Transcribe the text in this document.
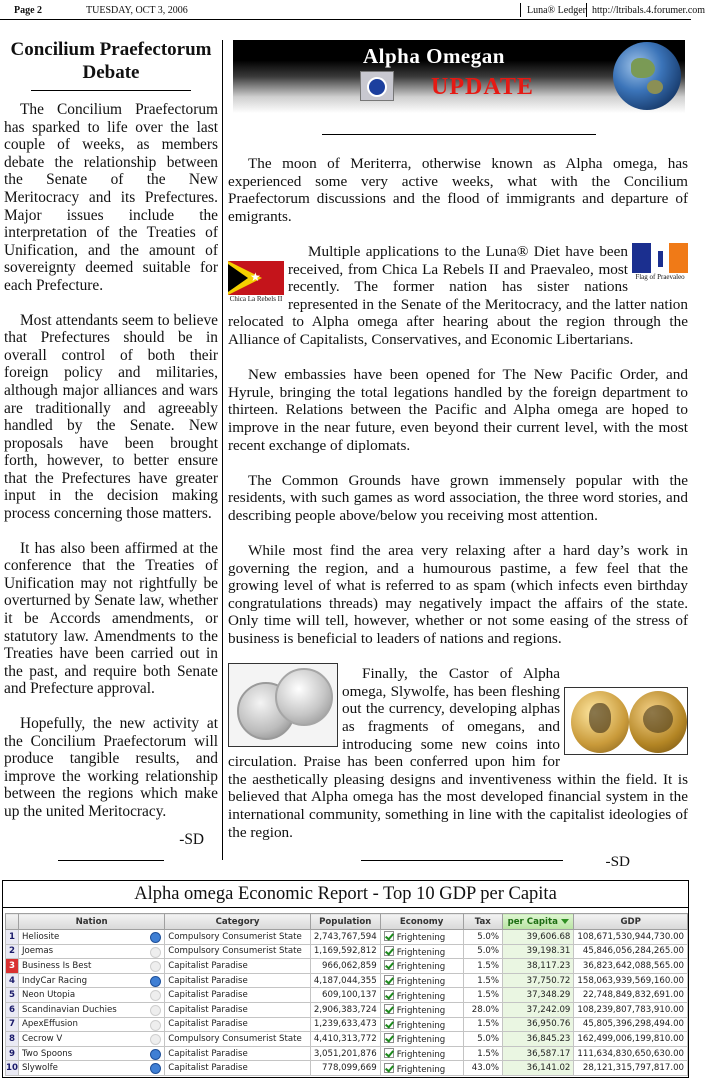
Page 2	TUESDAY, OCT 3, 2006	Luna® Ledger http://ltribals.4.forumer.com
Concilium Praefectorum Debate

The Concilium Praefectorum has sparked to life over the last couple of weeks, as members debate the relationship between the Senate of the New Meritocracy and its Prefectures. Major issues include the interpretation of the Treaties of Unification, and the amount of sovereignty deemed suitable for each Prefecture.

Most attendants seem to believe that Prefectures should be in overall control of both their foreign policy and militaries, although major alliances and wars are traditionally and agreeably handled by the Senate. New proposals have been brought forth, however, to better ensure that the Prefectures have greater input in the decision making process concerning those matters.

It has also been affirmed at the conference that the Treaties of Unification may not rightfully be overturned by Senate law, whether it be Accords amendments, or statutory law. Amendments to the Treaties have been carried out in the past, and require both Senate and Prefecture approval.

Hopefully, the new activity at the Concilium Praefectorum will produce tangible results, and improve the working relationship between the regions which make up the united Meritocracy.

-SD
Alpha Omegan
UPDATE

The moon of Meriterra, otherwise known as Alpha omega, has experienced some very active weeks, what with the Concilium Praefectorum discussions and the flood of immigrants and departure of emigrants.

Flag of Praevaleo
★
Chica La Rebels II
Multiple applications to the Luna® Diet have been received, from Chica La Rebels II and Praevaleo, most recently. The former nation has sister nations represented in the Senate of the Meritocracy, and the latter nation relocated to Alpha omega after hearing about the region through the Alliance of Capitalists, Conservatives, and Economic Libertarians.

New embassies have been opened for The New Pacific Order, and Hyrule, bringing the total legations handled by the foreign department to thirteen. Relations between the Pacific and Alpha omega are hoped to improve in the near future, even beyond their current level, with the most recent exchange of diplomats.

The Common Grounds have grown immensely popular with the residents, with such games as word association, the three word stories, and describing people above/below you receiving most attention.

While most find the area very relaxing after a hard day’s work in governing the region, and a humourous pastime, a few feel that the growing level of what is referred to as spam (which infects even birthday congratulations threads) may negatively impact the affairs of the state. Only time will tell, however, whether or not some easing of the stress of business is beneficial to leaders of nations and regions.

Finally, the Castor of Alpha omega, Slywolfe, has been fleshing out the currency, developing alphas as fragments of omegans, and introducing some new coins into circulation. Praise has been conferred upon him for the aesthetically pleasing designs and inventiveness within the field. It is believed that Alpha omega has the most developed financial system in the international community, something in line with the capitalist ideologies of the region.

-SD
Alpha omega Economic Report - Top 10 GDP per Capita
	Nation	Category	Population	Economy	Tax	per Capita	GDP
1	Heliosite	Compulsory Consumerist State	2,743,767,594	Frightening	5.0%	39,606.68	108,671,530,944,730.00
2	Joemas	Compulsory Consumerist State	1,169,592,812	Frightening	5.0%	39,198.31	45,846,056,284,265.00
3	Business Is Best	Capitalist Paradise	966,062,859	Frightening	1.5%	38,117.23	36,823,642,088,565.00
4	IndyCar Racing	Capitalist Paradise	4,187,044,355	Frightening	1.5%	37,750.72	158,063,939,569,160.00
5	Neon Utopia	Capitalist Paradise	609,100,137	Frightening	1.5%	37,348.29	22,748,849,832,691.00
6	Scandinavian Duchies	Capitalist Paradise	2,906,383,724	Frightening	28.0%	37,242.09	108,239,807,783,910.00
7	ApexEffusion	Capitalist Paradise	1,239,633,473	Frightening	1.5%	36,950.76	45,805,396,298,494.00
8	Cecrow V	Compulsory Consumerist State	4,410,313,772	Frightening	5.0%	36,845.23	162,499,006,199,810.00
9	Two Spoons	Capitalist Paradise	3,051,201,876	Frightening	1.5%	36,587.17	111,634,830,650,630.00
10	Slywolfe	Capitalist Paradise	778,099,669	Frightening	43.0%	36,141.02	28,121,315,797,817.00
